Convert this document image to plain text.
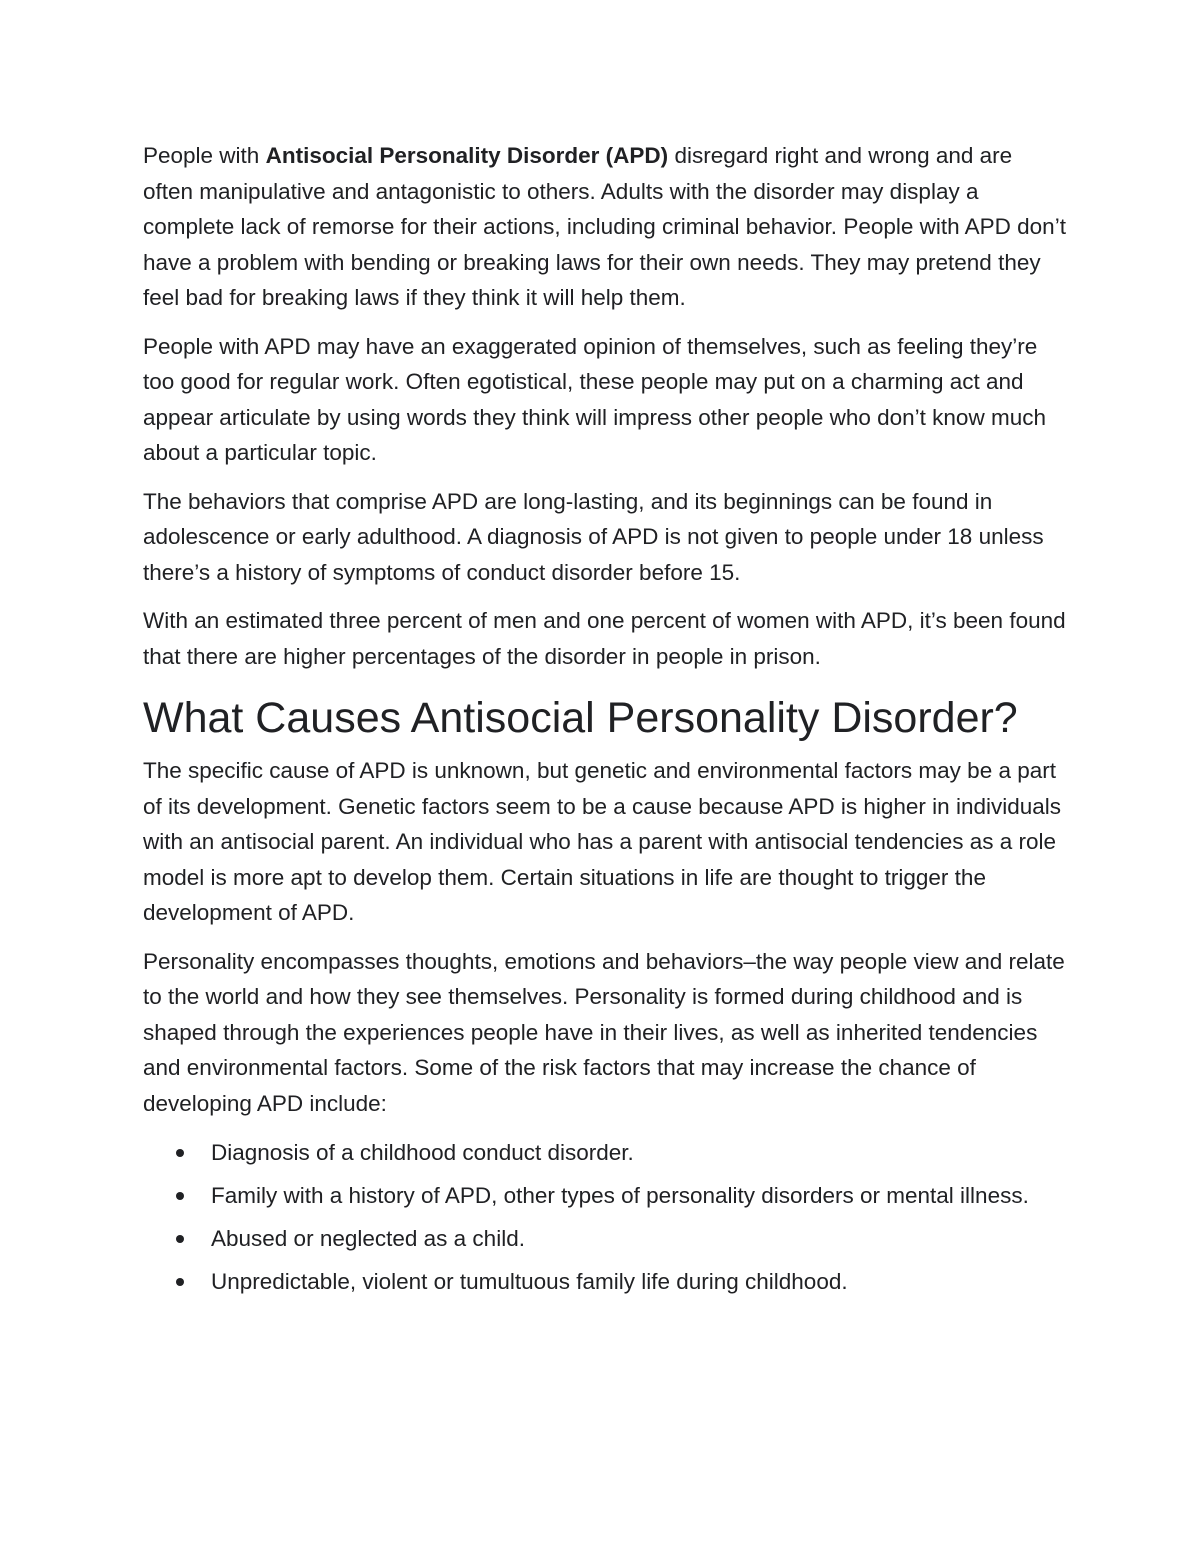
People with Antisocial Personality Disorder (APD) disregard right and wrong and are often manipulative and antagonistic to others. Adults with the disorder may display a complete lack of remorse for their actions, including criminal behavior. People with APD don’t have a problem with bending or breaking laws for their own needs. They may pretend they feel bad for breaking laws if they think it will help them.

People with APD may have an exaggerated opinion of themselves, such as feeling they’re too good for regular work. Often egotistical, these people may put on a charming act and appear articulate by using words they think will impress other people who don’t know much about a particular topic.

The behaviors that comprise APD are long-lasting, and its beginnings can be found in adolescence or early adulthood. A diagnosis of APD is not given to people under 18 unless there’s a history of symptoms of conduct disorder before 15.

With an estimated three percent of men and one percent of women with APD, it’s been found that there are higher percentages of the disorder in people in prison.

What Causes Antisocial Personality Disorder?

The specific cause of APD is unknown, but genetic and environmental factors may be a part of its development. Genetic factors seem to be a cause because APD is higher in individuals with an antisocial parent. An individual who has a parent with antisocial tendencies as a role model is more apt to develop them. Certain situations in life are thought to trigger the development of APD.

Personality encompasses thoughts, emotions and behaviors–the way people view and relate to the world and how they see themselves. Personality is formed during childhood and is shaped through the experiences people have in their lives, as well as inherited tendencies and environmental factors. Some of the risk factors that may increase the chance of developing APD include:

Diagnosis of a childhood conduct disorder.
Family with a history of APD, other types of personality disorders or mental illness.
Abused or neglected as a child.
Unpredictable, violent or tumultuous family life during childhood.
